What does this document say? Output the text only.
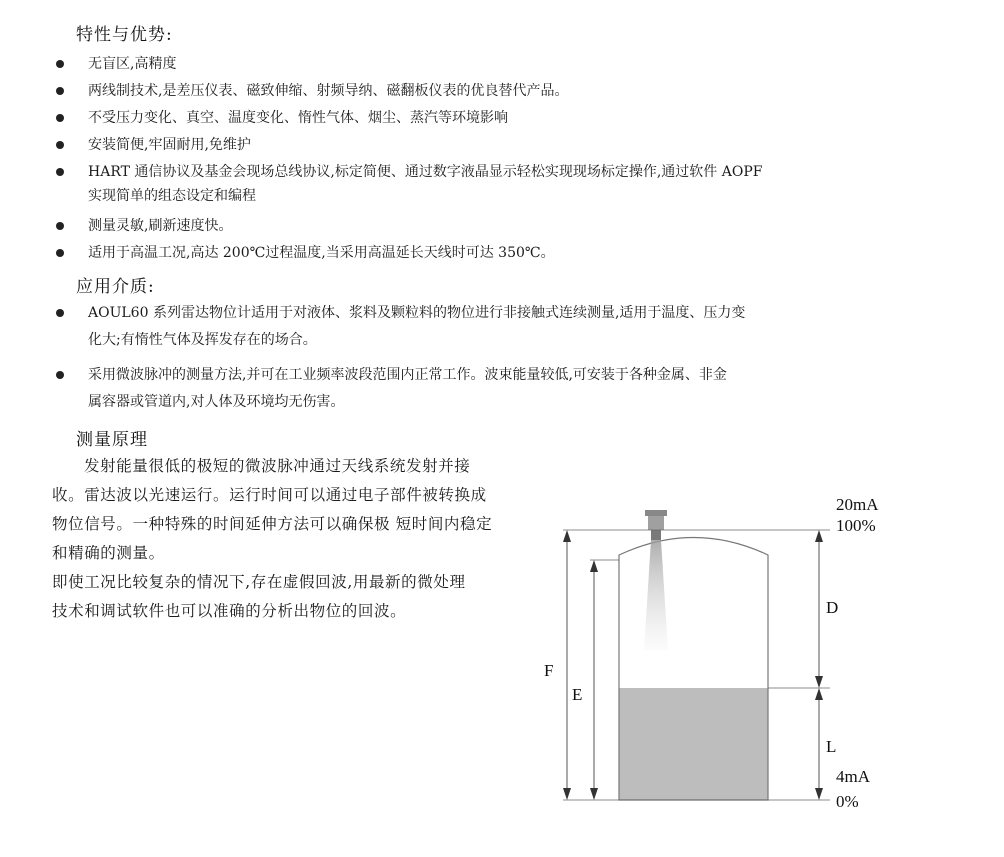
特性与优势:
无盲区,高精度
两线制技术,是差压仪表、磁致伸缩、射频导纳、磁翻板仪表的优良替代产品。
不受压力变化、真空、温度变化、惰性气体、烟尘、蒸汽等环境影响
安装简便,牢固耐用,免维护
HART 通信协议及基金会现场总线协议,标定简便、通过数字液晶显示轻松实现现场标定操作,通过软件 AOPF
实现简单的组态设定和编程
测量灵敏,刷新速度快。
适用于高温工况,高达 200℃过程温度,当采用高温延长天线时可达 350℃。
应用介质:
AOUL60 系列雷达物位计适用于对液体、浆料及颗粒料的物位进行非接触式连续测量,适用于温度、压力变
化大;有惰性气体及挥发存在的场合。
采用微波脉冲的测量方法,并可在工业频率波段范围内正常工作。波束能量较低,可安装于各种金属、非金
属容器或管道内,对人体及环境均无伤害。
测量原理
发射能量很低的极短的微波脉冲通过天线系统发射并接
收。雷达波以光速运行。运行时间可以通过电子部件被转换成
物位信号。一种特殊的时间延伸方法可以确保极 短时间内稳定
和精确的测量。
即使工况比较复杂的情况下,存在虚假回波,用最新的微处理
技术和调试软件也可以准确的分析出物位的回波。
20mA
100%
4mA
0%
F
E
D
L
